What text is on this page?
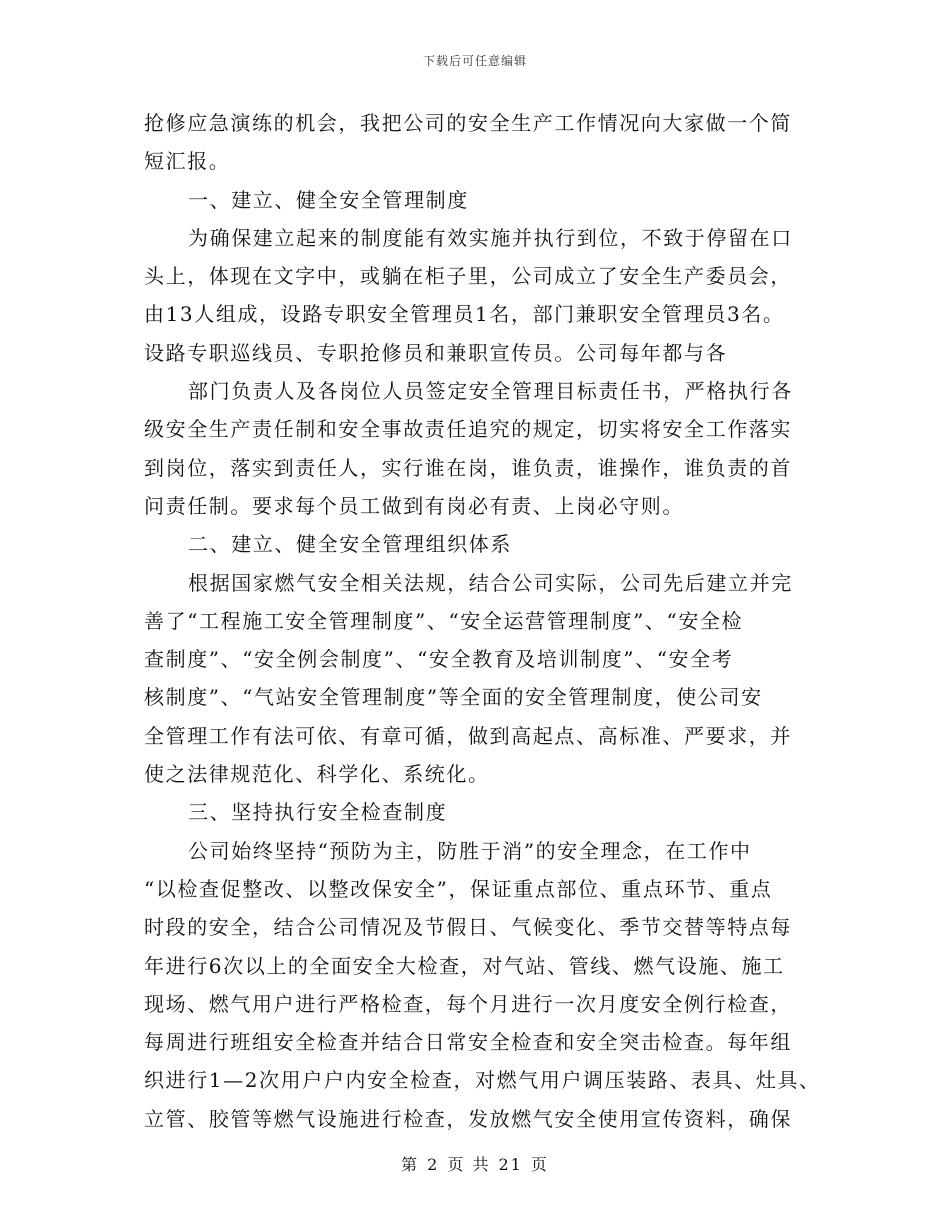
下载后可任意编辑
抢修应急演练的机会，我把公司的安全生产工作情况向大家做一个简
短汇报。
一、建立、健全安全管理制度
为确保建立起来的制度能有效实施并执行到位，不致于停留在口
头上，体现在文字中，或躺在柜子里，公司成立了安全生产委员会，
由13人组成，设路专职安全管理员1名，部门兼职安全管理员3名。
设路专职巡线员、专职抢修员和兼职宣传员。公司每年都与各
部门负责人及各岗位人员签定安全管理目标责任书，严格执行各
级安全生产责任制和安全事故责任追究的规定，切实将安全工作落实
到岗位，落实到责任人，实行谁在岗，谁负责，谁操作，谁负责的首
问责任制。要求每个员工做到有岗必有责、上岗必守则。
二、建立、健全安全管理组织体系
根据国家燃气安全相关法规，结合公司实际，公司先后建立并完
善了“工程施工安全管理制度”、“安全运营管理制度”、“安全检
查制度”、“安全例会制度”、“安全教育及培训制度”、“安全考
核制度”、“气站安全管理制度”等全面的安全管理制度，使公司安
全管理工作有法可依、有章可循，做到高起点、高标准、严要求，并
使之法律规范化、科学化、系统化。
三、坚持执行安全检查制度
公司始终坚持“预防为主，防胜于消”的安全理念，在工作中
“以检查促整改、以整改保安全”，保证重点部位、重点环节、重点
时段的安全，结合公司情况及节假日、气候变化、季节交替等特点每
年进行6次以上的全面安全大检查，对气站、管线、燃气设施、施工
现场、燃气用户进行严格检查，每个月进行一次月度安全例行检查，
每周进行班组安全检查并结合日常安全检查和安全突击检查。每年组
织进行1—2次用户户内安全检查，对燃气用户调压装路、表具、灶具、
立管、胶管等燃气设施进行检查，发放燃气安全使用宣传资料，确保
第 2 页 共 21 页
